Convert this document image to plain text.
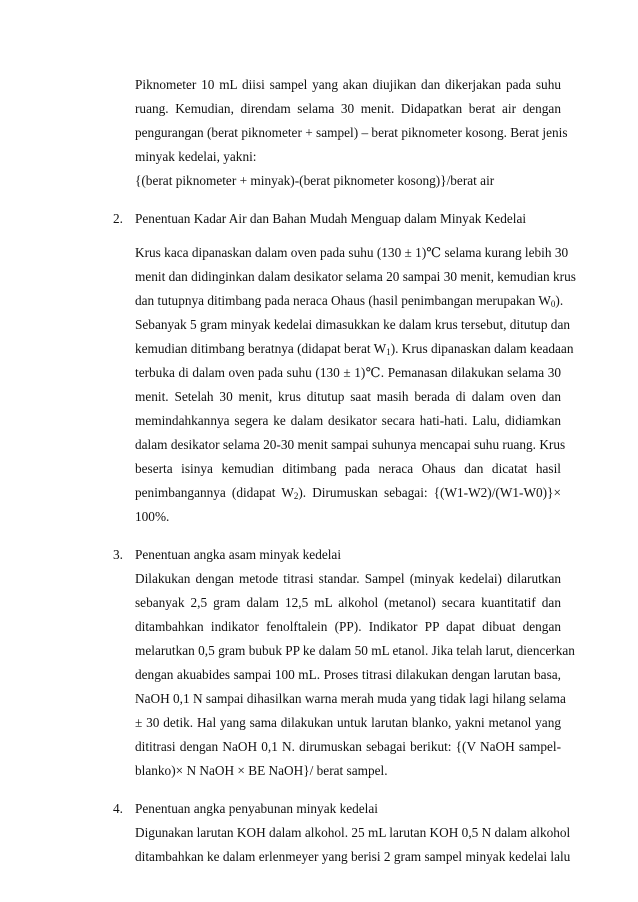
Piknometer 10 mL diisi sampel yang akan diujikan dan dikerjakan pada suhu
ruang. Kemudian, direndam selama 30 menit. Didapatkan berat air dengan
pengurangan (berat piknometer + sampel) – berat piknometer kosong. Berat jenis
minyak kedelai, yakni:
{(berat piknometer + minyak)-(berat piknometer kosong)}/berat air
2. Penentuan Kadar Air dan Bahan Mudah Menguap dalam Minyak Kedelai
Krus kaca dipanaskan dalam oven pada suhu (130 ± 1)℃ selama kurang lebih 30
menit dan didinginkan dalam desikator selama 20 sampai 30 menit, kemudian krus
dan tutupnya ditimbang pada neraca Ohaus (hasil penimbangan merupakan $W_0$).
Sebanyak 5 gram minyak kedelai dimasukkan ke dalam krus tersebut, ditutup dan
kemudian ditimbang beratnya (didapat berat $W_1$). Krus dipanaskan dalam keadaan
terbuka di dalam oven pada suhu (130 ± 1)℃. Pemanasan dilakukan selama 30
menit. Setelah 30 menit, krus ditutup saat masih berada di dalam oven dan
memindahkannya segera ke dalam desikator secara hati-hati. Lalu, didiamkan
dalam desikator selama 20-30 menit sampai suhunya mencapai suhu ruang. Krus
beserta isinya kemudian ditimbang pada neraca Ohaus dan dicatat hasil
penimbangannya (didapat $W_2$). Dirumuskan sebagai: {(W1-W2)/(W1-W0)}×
100%.
3. Penentuan angka asam minyak kedelai
Dilakukan dengan metode titrasi standar. Sampel (minyak kedelai) dilarutkan
sebanyak 2,5 gram dalam 12,5 mL alkohol (metanol) secara kuantitatif dan
ditambahkan indikator fenolftalein (PP). Indikator PP dapat dibuat dengan
melarutkan 0,5 gram bubuk PP ke dalam 50 mL etanol. Jika telah larut, diencerkan
dengan akuabides sampai 100 mL. Proses titrasi dilakukan dengan larutan basa,
NaOH 0,1 N sampai dihasilkan warna merah muda yang tidak lagi hilang selama
± 30 detik. Hal yang sama dilakukan untuk larutan blanko, yakni metanol yang
dititrasi dengan NaOH 0,1 N. dirumuskan sebagai berikut: {(V NaOH sampel-
blanko)× N NaOH × BE NaOH}/ berat sampel.
4. Penentuan angka penyabunan minyak kedelai
Digunakan larutan KOH dalam alkohol. 25 mL larutan KOH 0,5 N dalam alkohol
ditambahkan ke dalam erlenmeyer yang berisi 2 gram sampel minyak kedelai lalu
